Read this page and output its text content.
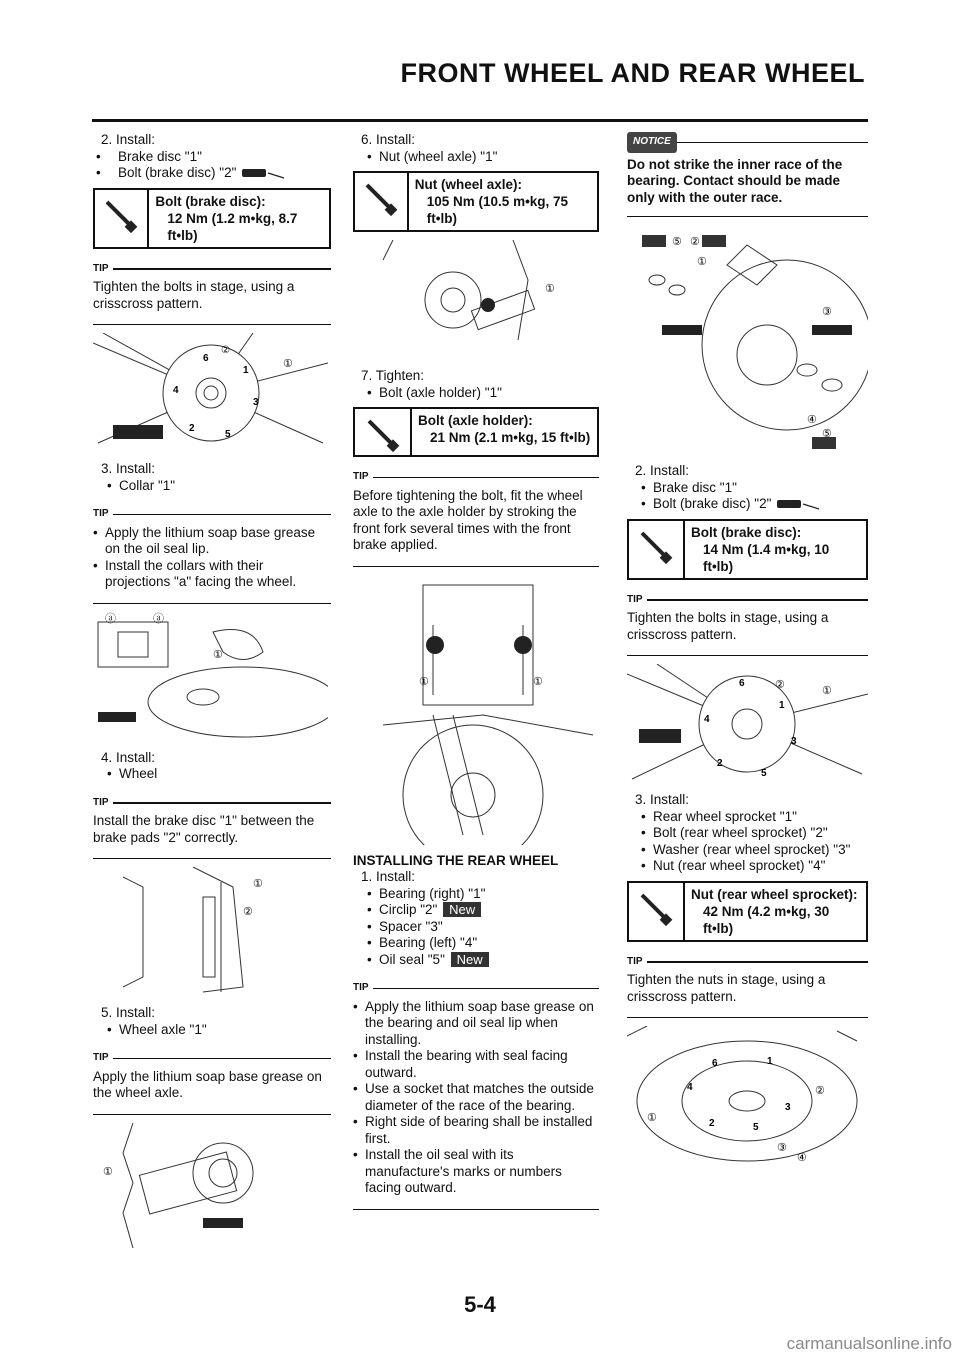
FRONT WHEEL AND REAR WHEEL
2. Install:
• Brake disc "1"
• Bolt (brake disc) "2"
Bolt (brake disc):
12 Nm (1.2 m•kg, 8.7 ft•lb)
TIP
Tighten the bolts in stage, using a crisscross pattern.
6
②
①
1
3
4
2
5
3. Install:
• Collar "1"
TIP
• Apply the lithium soap base grease on the oil seal lip.
• Install the collars with their projections "a" facing the wheel.
ⓐ	ⓐ
①
4. Install:
• Wheel
TIP
Install the brake disc "1" between the brake pads "2" correctly.
①
②
5. Install:
• Wheel axle "1"
TIP
Apply the lithium soap base grease on the wheel axle.
①
6. Install:
• Nut (wheel axle) "1"
Nut (wheel axle):
105 Nm (10.5 m•kg, 75 ft•lb)
①
7. Tighten:
• Bolt (axle holder) "1"
Bolt (axle holder):
21 Nm (2.1 m•kg, 15 ft•lb)
TIP
Before tightening the bolt, fit the wheel axle to the axle holder by stroking the front fork several times with the front brake applied.
①	①
INSTALLING THE REAR WHEEL
1. Install:
• Bearing (right) "1"
• Circlip "2" New
• Spacer "3"
• Bearing (left) "4"
• Oil seal "5" New
TIP
• Apply the lithium soap base grease on the bearing and oil seal lip when installing.
• Install the bearing with seal facing outward.
• Use a socket that matches the outside diameter of the race of the bearing.
• Right side of bearing shall be installed first.
• Install the oil seal with its manufacture's marks or numbers facing outward.
NOTICE
Do not strike the inner race of the bearing. Contact should be made only with the outer race.
⑤ ②
①
③
④
⑤
2. Install:
• Brake disc "1"
• Bolt (brake disc) "2"
Bolt (brake disc):
14 Nm (1.4 m•kg, 10 ft•lb)
TIP
Tighten the bolts in stage, using a crisscross pattern.
6	②	①
1
3
4
2
5
3. Install:
• Rear wheel sprocket "1"
• Bolt (rear wheel sprocket) "2"
• Washer (rear wheel sprocket) "3"
• Nut (rear wheel sprocket) "4"
Nut (rear wheel sprocket):
42 Nm (4.2 m•kg, 30 ft•lb)
TIP
Tighten the nuts in stage, using a crisscross pattern.
6	1
4
2
3
5
①
②
③
④
5-4
carmanualsonline.info
